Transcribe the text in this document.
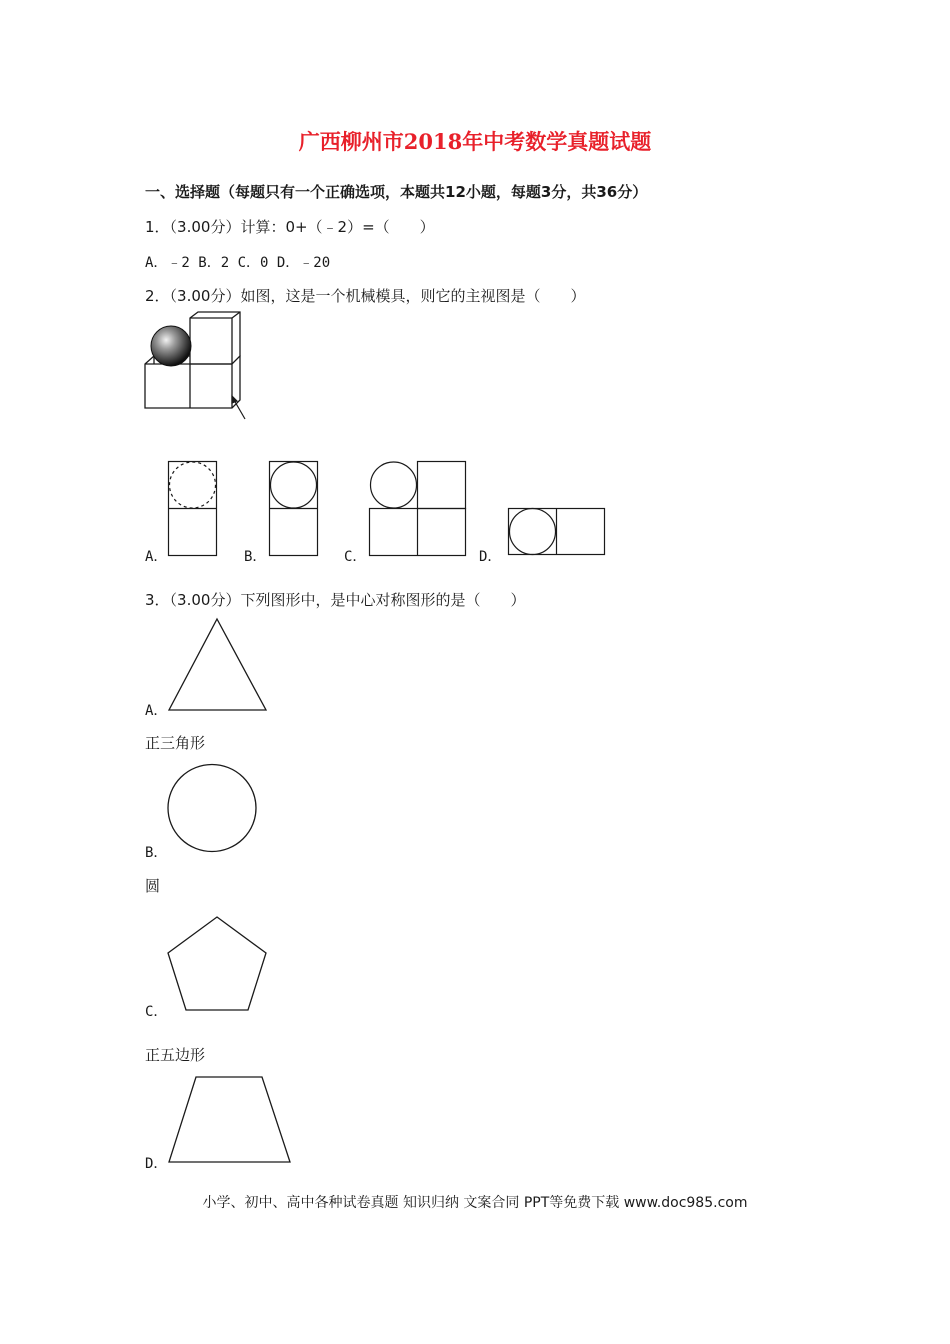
广西柳州市2018年中考数学真题试题
一、选择题（每题只有一个正确选项，本题共12小题，每题3分，共36分）
1．（3.00分）计算：0+（﹣2）=（　　）
A．﹣2 B．2 C．0 D．﹣20
2．（3.00分）如图，这是一个机械模具，则它的主视图是（　　）
A．	B．	C．	D．
3．（3.00分）下列图形中，是中心对称图形的是（　　）
A．
正三角形
B．
圆
C．
正五边形
D．
小学、初中、高中各种试卷真题 知识归纳 文案合同 PPT等免费下载 www.doc985.com
